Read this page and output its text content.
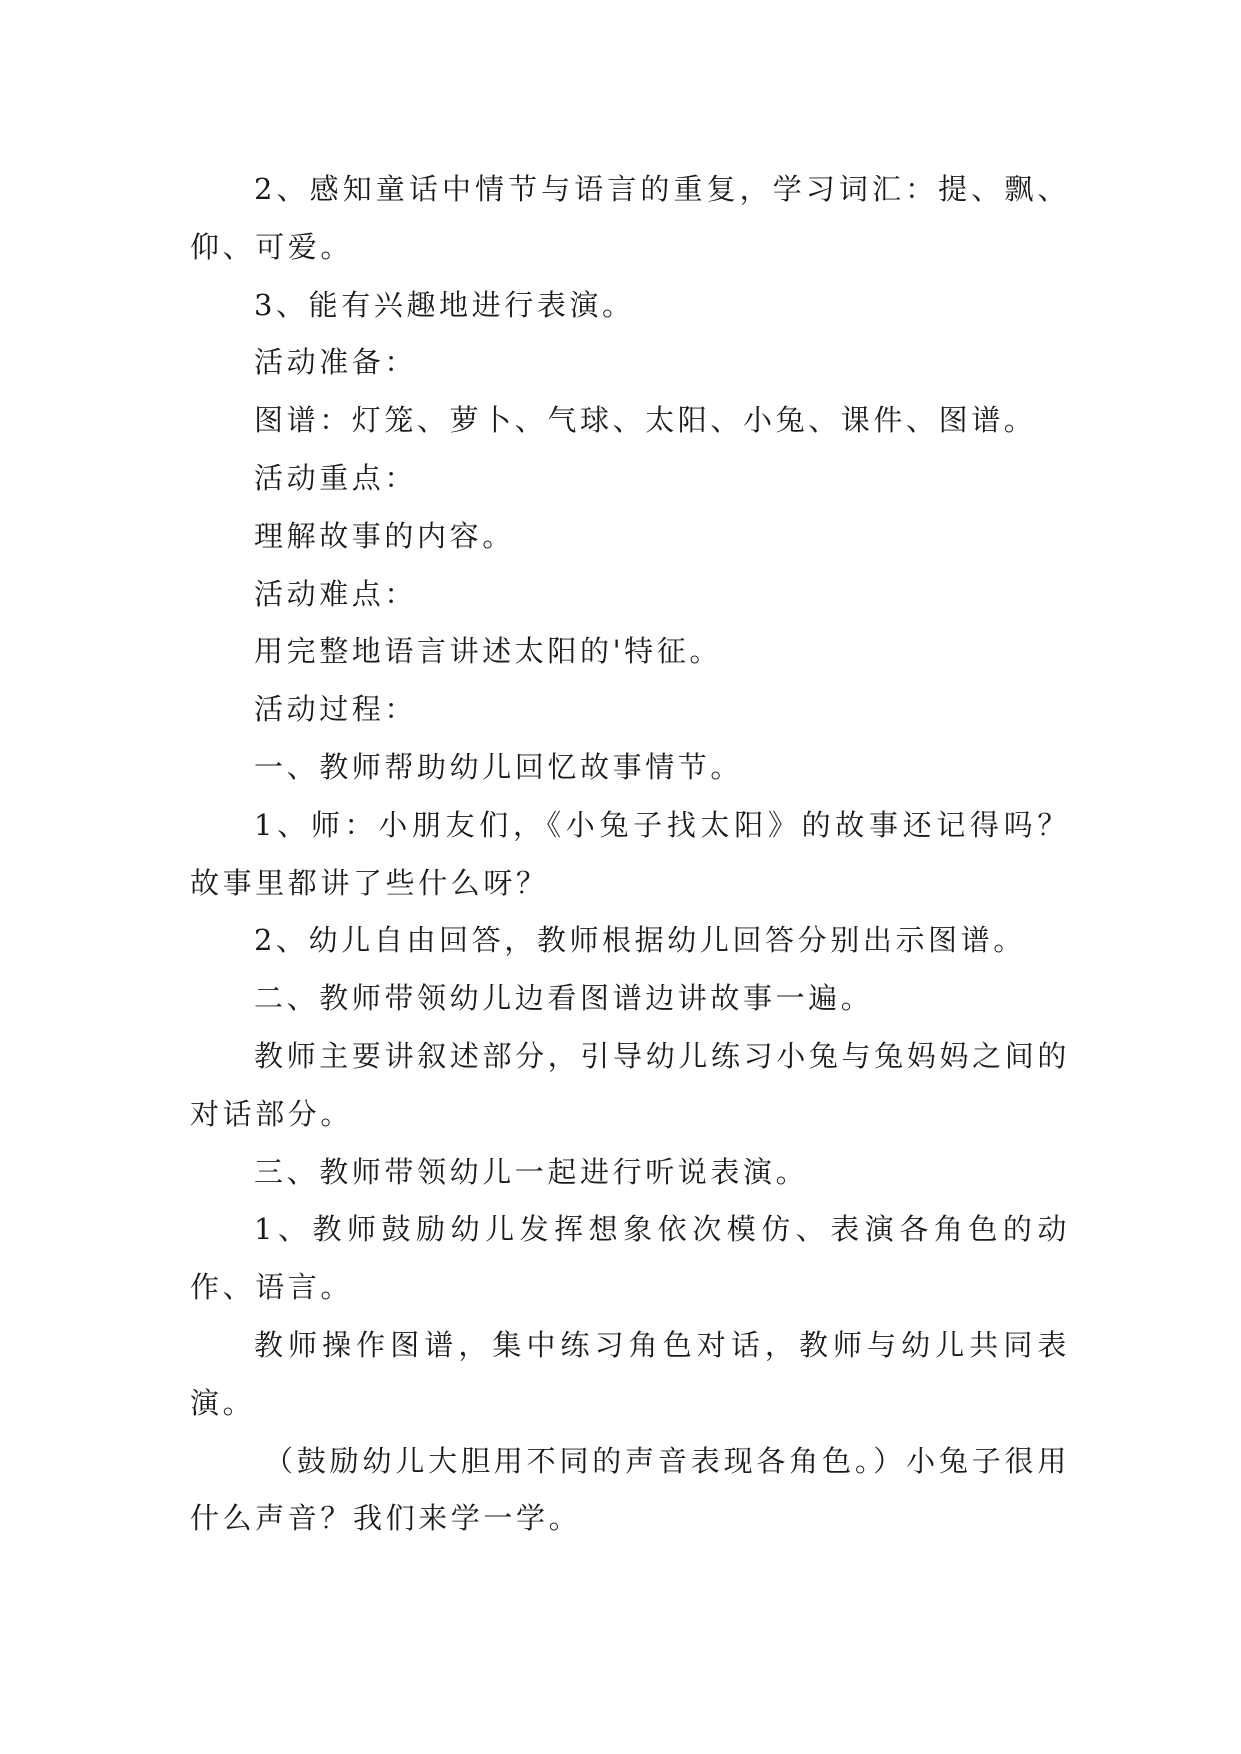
2、感知童话中情节与语言的重复，学习词汇：提、飘、仰、可爱。

3、能有兴趣地进行表演。

活动准备：

图谱：灯笼、萝卜、气球、太阳、小兔、课件、图谱。

活动重点：

理解故事的内容。

活动难点：

用完整地语言讲述太阳的'特征。

活动过程：

一、教师帮助幼儿回忆故事情节。

1、师：小朋友们，《小兔子找太阳》的故事还记得吗？故事里都讲了些什么呀？

2、幼儿自由回答，教师根据幼儿回答分别出示图谱。

二、教师带领幼儿边看图谱边讲故事一遍。

教师主要讲叙述部分，引导幼儿练习小兔与兔妈妈之间的对话部分。

三、教师带领幼儿一起进行听说表演。

1、教师鼓励幼儿发挥想象依次模仿、表演各角色的动作、语言。

教师操作图谱，集中练习角色对话，教师与幼儿共同表演。

（鼓励幼儿大胆用不同的声音表现各角色。）小兔子很用什么声音？我们来学一学。
